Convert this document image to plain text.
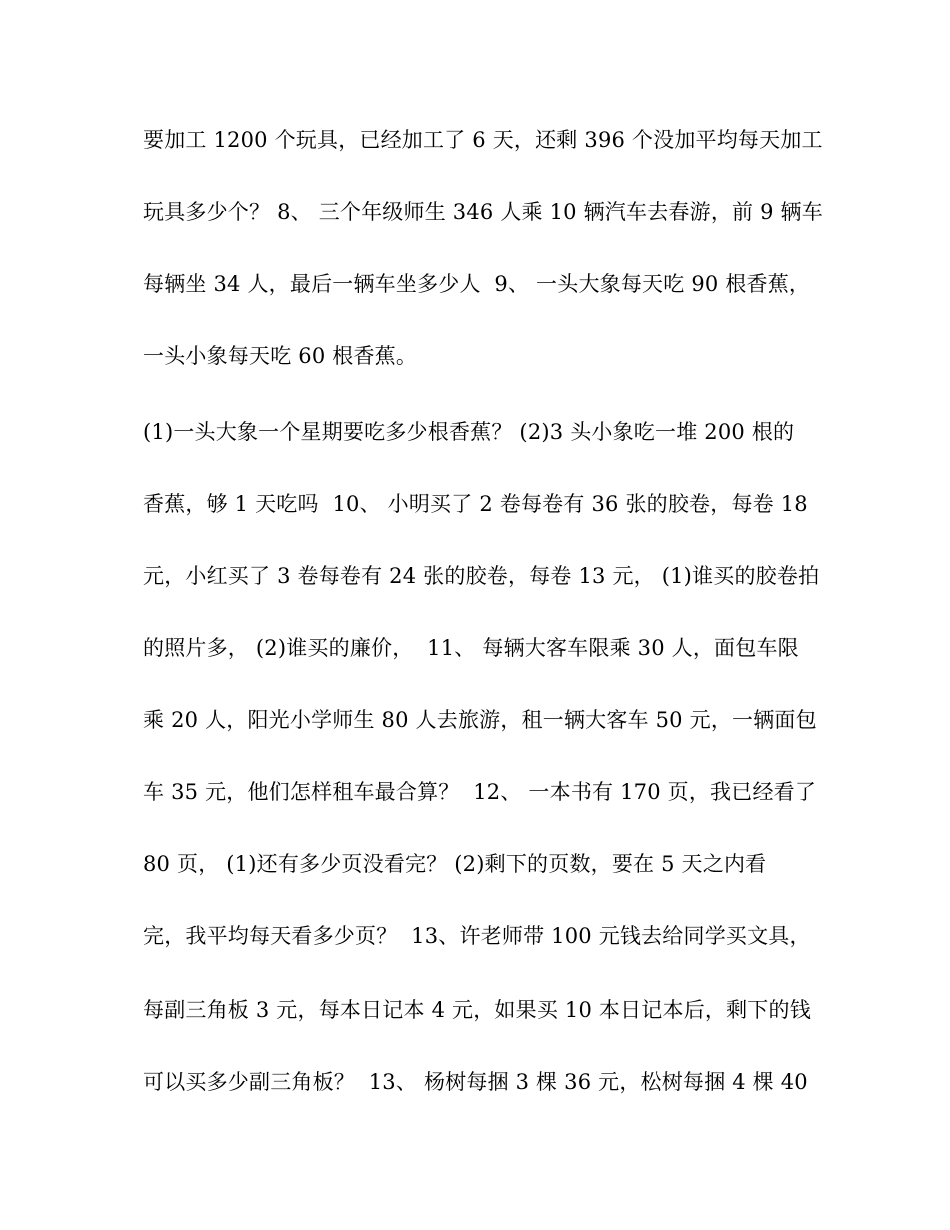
要加工 1200 个玩具，已经加工了 6 天，还剩 396 个没加平均每天加工
玩具多少个？ 8、 三个年级师生 346 人乘 10 辆汽车去春游，前 9 辆车
每辆坐 34 人，最后一辆车坐多少人  9、 一头大象每天吃 90 根香蕉，
一头小象每天吃 60 根香蕉。
(1)一头大象一个星期要吃多少根香蕉？ (2)3 头小象吃一堆 200 根的
香蕉，够 1 天吃吗  10、 小明买了 2 卷每卷有 36 张的胶卷，每卷 18
元，小红买了 3 卷每卷有 24 张的胶卷，每卷 13 元， (1)谁买的胶卷拍
的照片多， (2)谁买的廉价，  11、 每辆大客车限乘 30 人，面包车限
乘 20 人，阳光小学师生 80 人去旅游，租一辆大客车 50 元，一辆面包
车 35 元，他们怎样租车最合算？  12、 一本书有 170 页，我已经看了
80 页， (1)还有多少页没看完？ (2)剩下的页数，要在 5 天之内看
完，我平均每天看多少页？  13、许老师带 100 元钱去给同学买文具，
每副三角板 3 元，每本日记本 4 元，如果买 10 本日记本后，剩下的钱
可以买多少副三角板？  13、 杨树每捆 3 棵 36 元，松树每捆 4 棵 40
